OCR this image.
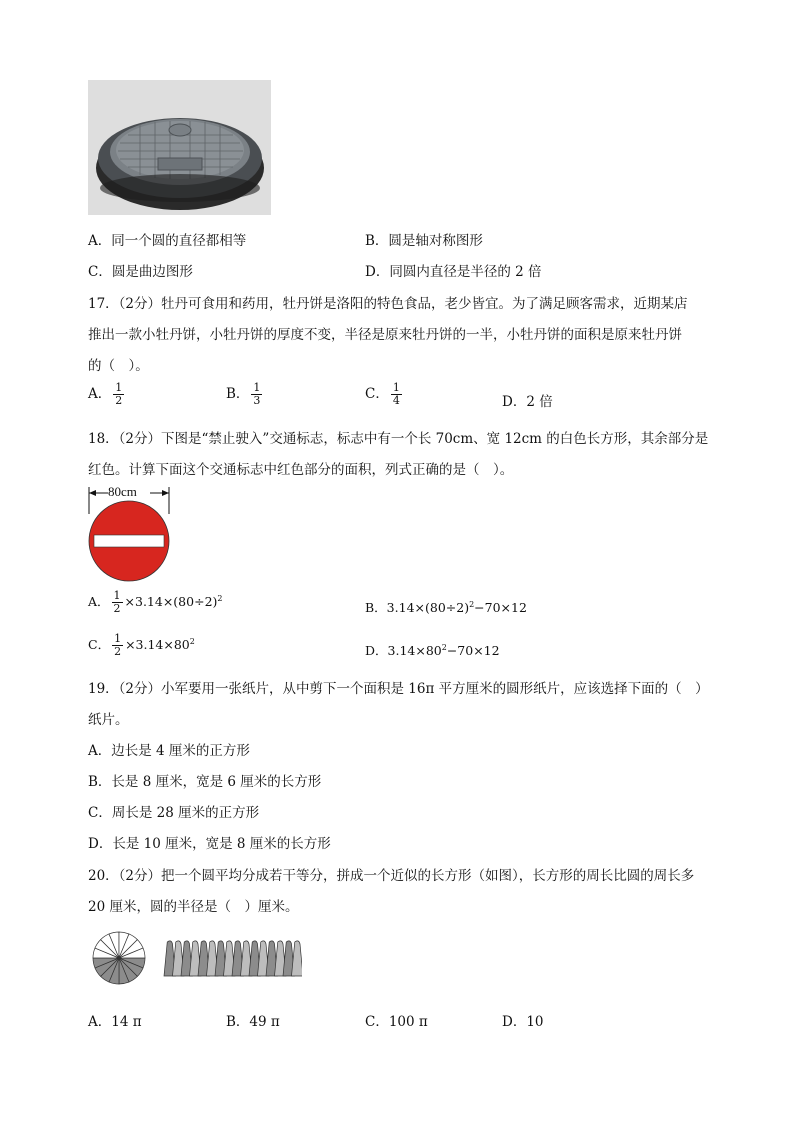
A．同一个圆的直径都相等	B．圆是轴对称图形
C．圆是曲边图形	D．同圆内直径是半径的 2 倍
17．（2分）牡丹可食用和药用，牡丹饼是洛阳的特色食品，老少皆宜。为了满足顾客需求，近期某店
推出一款小牡丹饼，小牡丹饼的厚度不变，半径是原来牡丹饼的一半，小牡丹饼的面积是原来牡丹饼
的（　）。
A． $\frac{1}{2}$	B． $\frac{1}{3}$	C． $\frac{1}{4}$	D．2 倍
18．（2分）下图是“禁止驶入”交通标志，标志中有一个长 70cm、宽 12cm 的白色长方形，其余部分是
红色。计算下面这个交通标志中红色部分的面积，列式正确的是（　）。
80cm
A． $\frac{1}{2} \times 3.14\times(80\div 2)^2$
B．$3.14\times(80\div 2)^2-70\times 12$
C． $\frac{1}{2} \times 3.14\times 80^2$
D．$3.14\times 80^2-70\times 12$
19．（2分）小军要用一张纸片，从中剪下一个面积是 16π 平方厘米的圆形纸片，应该选择下面的（　）
纸片。
A．边长是 4 厘米的正方形
B．长是 8 厘米，宽是 6 厘米的长方形
C．周长是 28 厘米的正方形
D．长是 10 厘米，宽是 8 厘米的长方形
20．（2分）把一个圆平均分成若干等分，拼成一个近似的长方形（如图），长方形的周长比圆的周长多
20 厘米，圆的半径是（　）厘米。
A．14 π	B．49 π	C．100 π	D．10
